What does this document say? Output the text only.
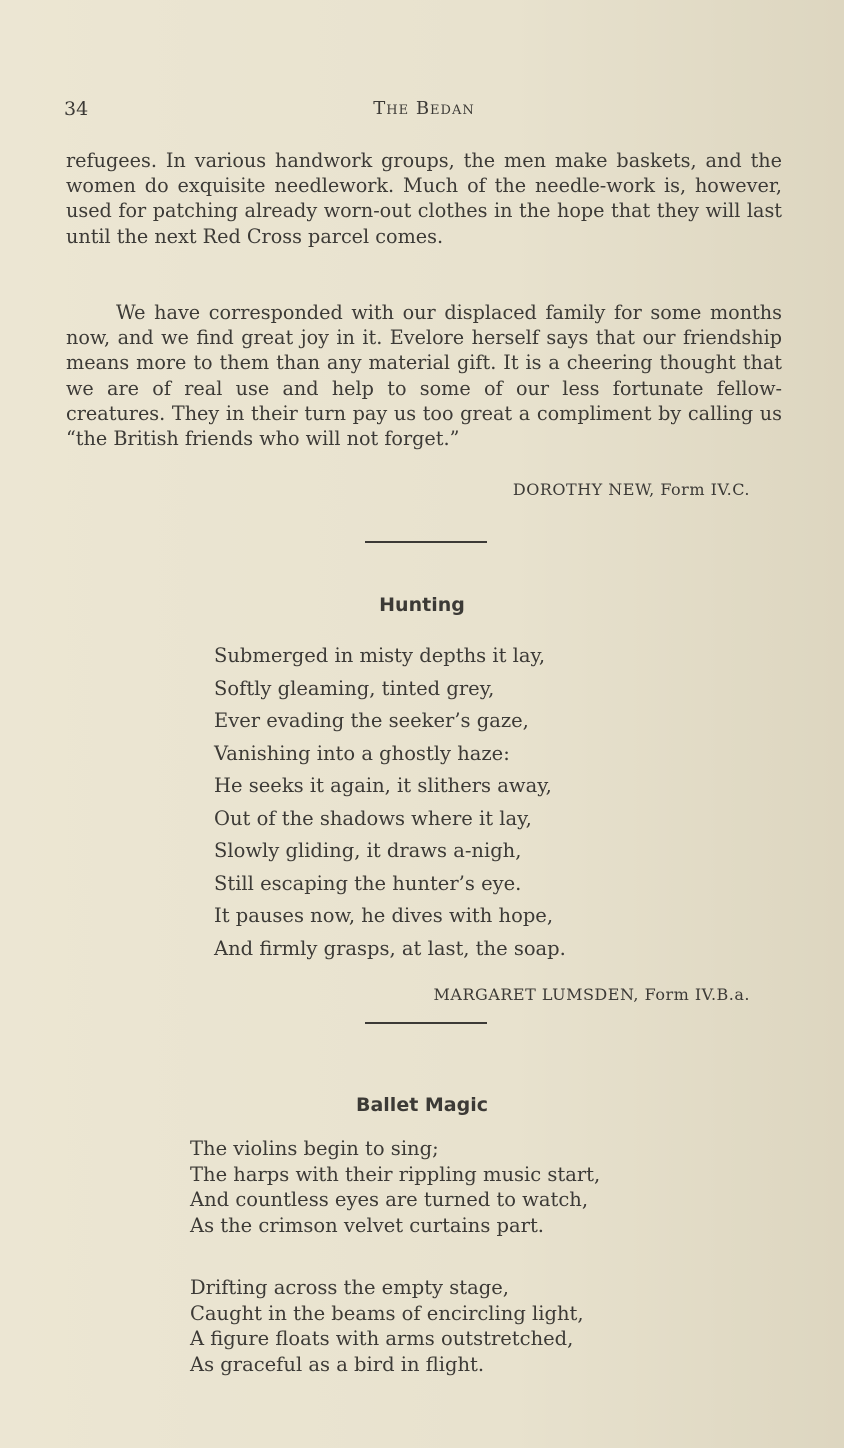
34	The Bedan

refugees. In various handwork groups, the men make baskets, and the women do exquisite needlework. Much of the needle-work is, however, used for patching already worn-out clothes in the hope that they will last until the next Red Cross parcel comes.

We have corresponded with our displaced family for some months now, and we find great joy in it. Evelore herself says that our friendship means more to them than any material gift. It is a cheering thought that we are of real use and help to some of our less fortunate fellow-creatures. They in their turn pay us too great a compliment by calling us “the British friends who will not forget.”

DOROTHY NEW, Form IV.C.

Hunting
Submerged in misty depths it lay,
Softly gleaming, tinted grey,
Ever evading the seeker’s gaze,
Vanishing into a ghostly haze:
He seeks it again, it slithers away,
Out of the shadows where it lay,
Slowly gliding, it draws a-nigh,
Still escaping the hunter’s eye.
It pauses now, he dives with hope,
And firmly grasps, at last, the soap.

MARGARET LUMSDEN, Form IV.B.a.

Ballet Magic
The violins begin to sing;
The harps with their rippling music start,
And countless eyes are turned to watch,
As the crimson velvet curtains part.
Drifting across the empty stage,
Caught in the beams of encircling light,
A figure floats with arms outstretched,
As graceful as a bird in flight.
